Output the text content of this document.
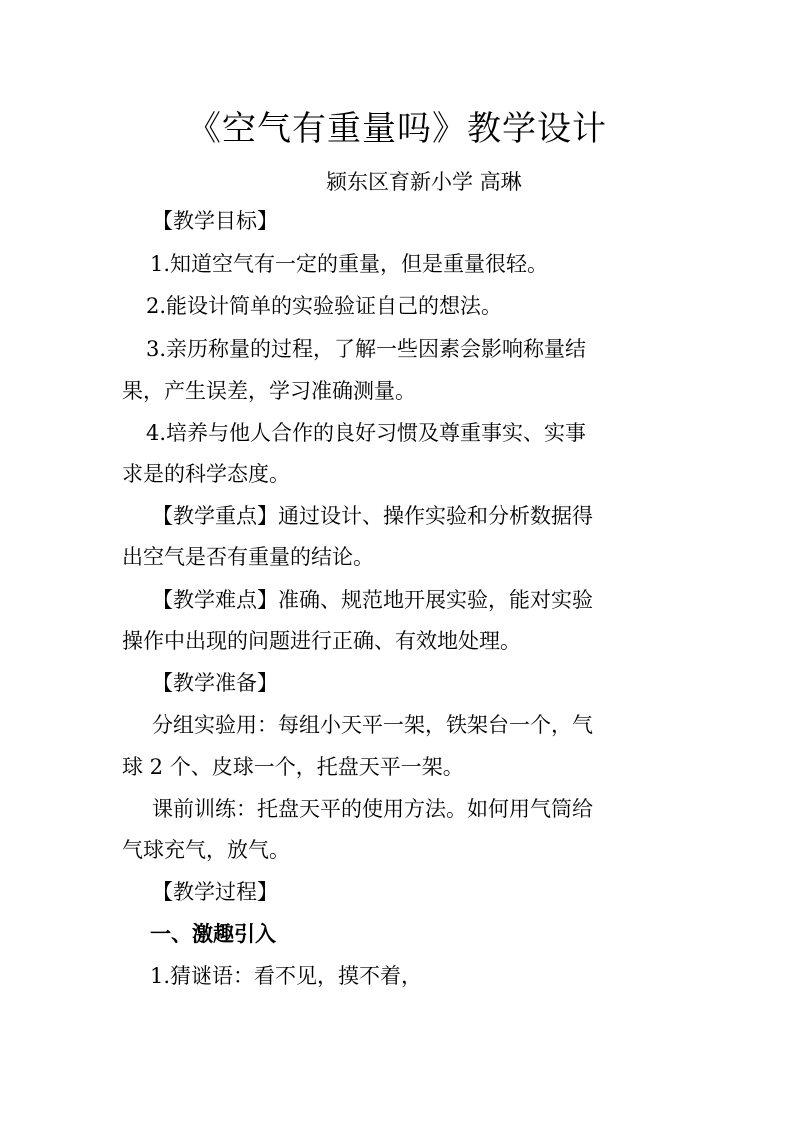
《空气有重量吗》教学设计
颍东区育新小学 高琳
【教学目标】
1.知道空气有一定的重量，但是重量很轻。
2.能设计简单的实验验证自己的想法。
3.亲历称量的过程，了解一些因素会影响称量结
果，产生误差，学习准确测量。
4.培养与他人合作的良好习惯及尊重事实、实事
求是的科学态度。
【教学重点】通过设计、操作实验和分析数据得
出空气是否有重量的结论。
【教学难点】准确、规范地开展实验，能对实验
操作中出现的问题进行正确、有效地处理。
【教学准备】
分组实验用：每组小天平一架，铁架台一个，气
球 2 个、皮球一个，托盘天平一架。
课前训练：托盘天平的使用方法。如何用气筒给
气球充气，放气。
【教学过程】
一、激趣引入
1.猜谜语：看不见，摸不着，
